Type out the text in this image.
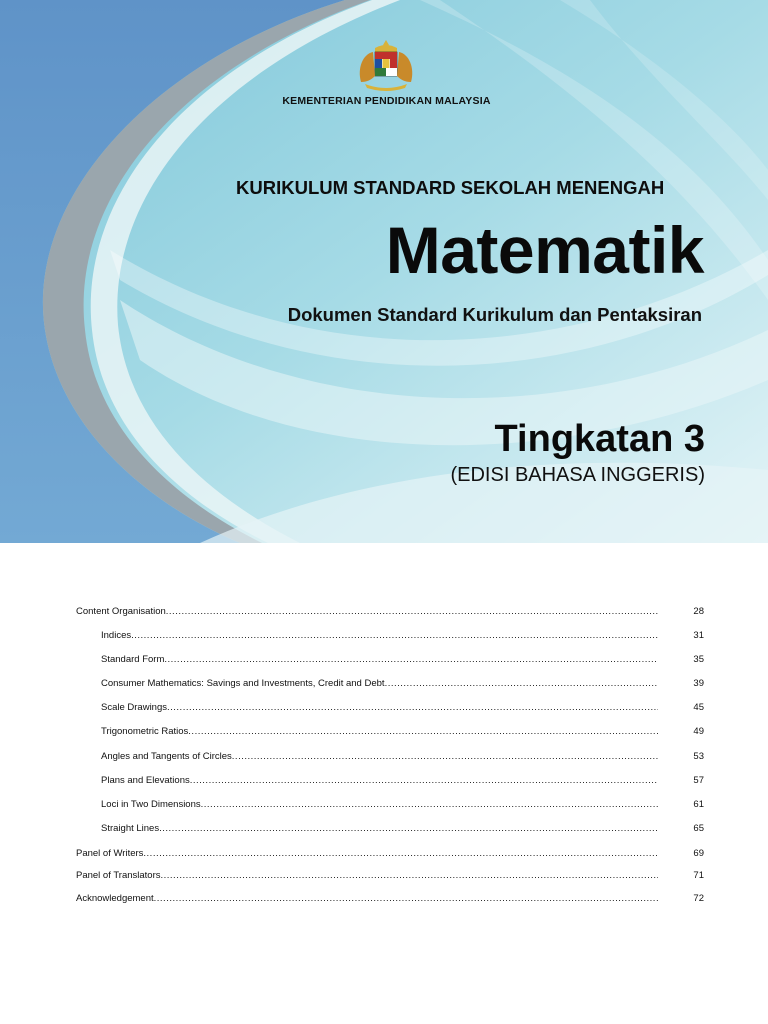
KEMENTERIAN PENDIDIKAN MALAYSIA
KURIKULUM STANDARD SEKOLAH MENENGAH
Matematik
Dokumen Standard Kurikulum dan Pentaksiran
Tingkatan 3
(EDISI BAHASA INGGERIS)
Content Organisation .....	28
Indices .....	31
Standard Form .....	35
Consumer Mathematics: Savings and Investments, Credit and Debt .....	39
Scale Drawings .....	45
Trigonometric Ratios .....	49
Angles and Tangents of Circles .....	53
Plans and Elevations .....	57
Loci in Two Dimensions .....	61
Straight Lines .....	65
Panel of Writers .....	69
Panel of Translators .....	71
Acknowledgement .....	72
